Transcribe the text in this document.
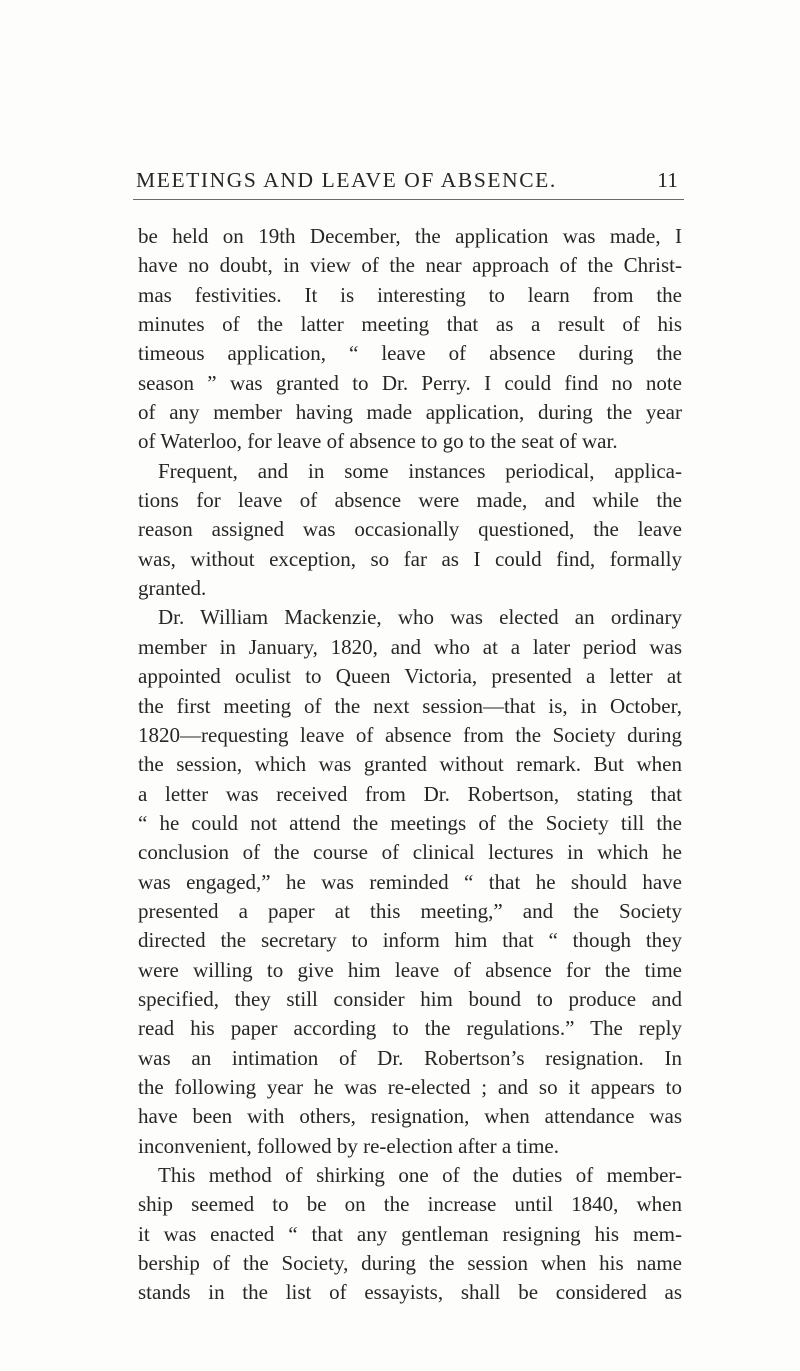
MEETINGS AND LEAVE OF ABSENCE.	11
be held on 19th December, the application was made, I
have no doubt, in view of the near approach of the Christ-
mas festivities. It is interesting to learn from the
minutes of the latter meeting that as a result of his
timeous application, “ leave of absence during the
season ” was granted to Dr. Perry. I could find no note
of any member having made application, during the year
of Waterloo, for leave of absence to go to the seat of war.
Frequent, and in some instances periodical, applica-
tions for leave of absence were made, and while the
reason assigned was occasionally questioned, the leave
was, without exception, so far as I could find, formally
granted.
Dr. William Mackenzie, who was elected an ordinary
member in January, 1820, and who at a later period was
appointed oculist to Queen Victoria, presented a letter at
the first meeting of the next session—that is, in October,
1820—requesting leave of absence from the Society during
the session, which was granted without remark. But when
a letter was received from Dr. Robertson, stating that
“ he could not attend the meetings of the Society till the
conclusion of the course of clinical lectures in which he
was engaged,” he was reminded “ that he should have
presented a paper at this meeting,” and the Society
directed the secretary to inform him that “ though they
were willing to give him leave of absence for the time
specified, they still consider him bound to produce and
read his paper according to the regulations.” The reply
was an intimation of Dr. Robertson’s resignation. In
the following year he was re-elected ; and so it appears to
have been with others, resignation, when attendance was
inconvenient, followed by re-election after a time.
This method of shirking one of the duties of member-
ship seemed to be on the increase until 1840, when
it was enacted “ that any gentleman resigning his mem-
bership of the Society, during the session when his name
stands in the list of essayists, shall be considered as
